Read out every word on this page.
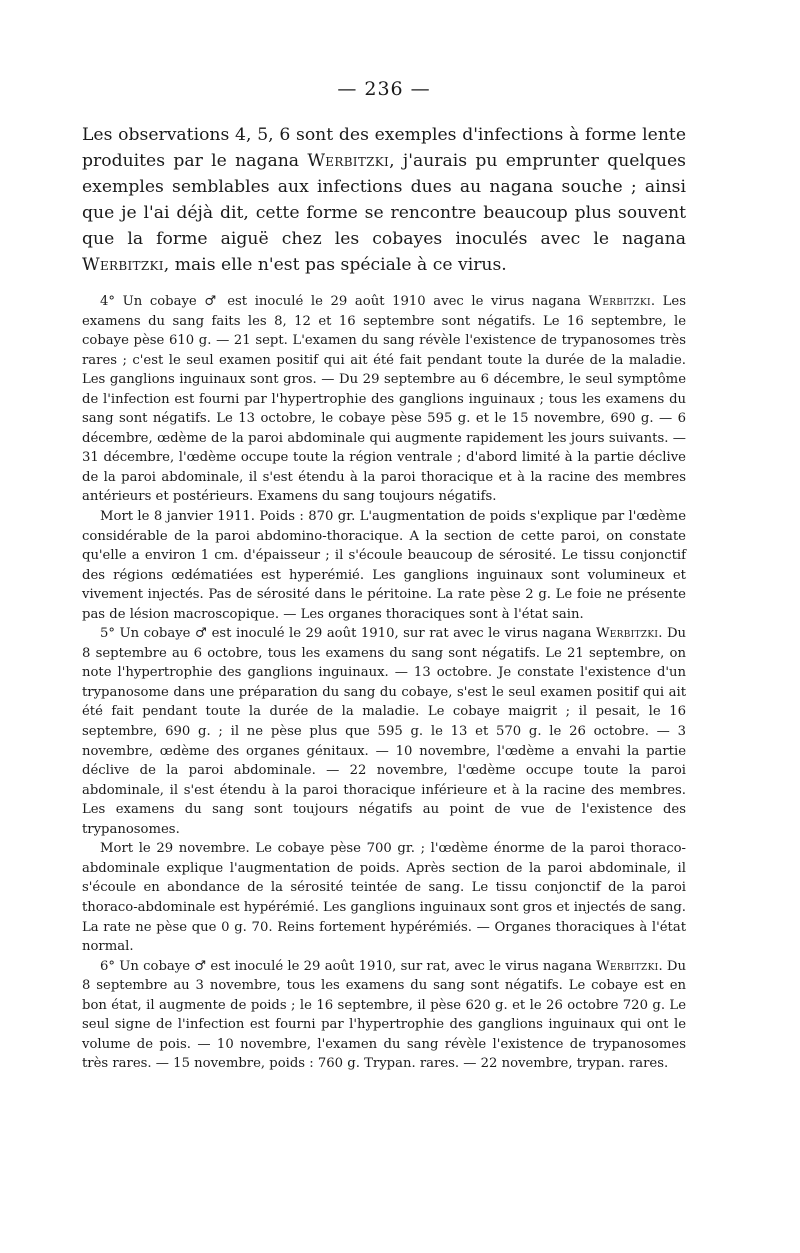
— 236 —

Les observations 4, 5, 6 sont des exemples d'infections à forme lente produites par le nagana Werbitzki, j'aurais pu emprunter quelques exemples semblables aux infections dues au nagana souche ; ainsi que je l'ai déjà dit, cette forme se rencontre beaucoup plus souvent que la forme aiguë chez les cobayes inoculés avec le nagana Werbitzki, mais elle n'est pas spéciale à ce virus.

4° Un cobaye ♂ est inoculé le 29 août 1910 avec le virus nagana Werbitzki. Les examens du sang faits les 8, 12 et 16 septembre sont négatifs. Le 16 septembre, le cobaye pèse 610 g. — 21 sept. L'examen du sang révèle l'existence de trypanosomes très rares ; c'est le seul examen positif qui ait été fait pendant toute la durée de la maladie. Les ganglions inguinaux sont gros. — Du 29 septembre au 6 décembre, le seul symptôme de l'infection est fourni par l'hypertrophie des ganglions inguinaux ; tous les examens du sang sont négatifs. Le 13 octobre, le cobaye pèse 595 g. et le 15 novembre, 690 g. — 6 décembre, œdème de la paroi abdominale qui augmente rapidement les jours suivants. — 31 décembre, l'œdème occupe toute la région ventrale ; d'abord limité à la partie déclive de la paroi abdominale, il s'est étendu à la paroi thoracique et à la racine des membres antérieurs et postérieurs. Examens du sang toujours négatifs.

Mort le 8 janvier 1911. Poids : 870 gr. L'augmentation de poids s'explique par l'œdème considérable de la paroi abdomino-thoracique. A la section de cette paroi, on constate qu'elle a environ 1 cm. d'épaisseur ; il s'écoule beaucoup de sérosité. Le tissu conjonctif des régions œdématiées est hyperémié. Les ganglions inguinaux sont volumineux et vivement injectés. Pas de sérosité dans le péritoine. La rate pèse 2 g. Le foie ne présente pas de lésion macroscopique. — Les organes thoraciques sont à l'état sain.

5° Un cobaye ♂ est inoculé le 29 août 1910, sur rat avec le virus nagana Werbitzki. Du 8 septembre au 6 octobre, tous les examens du sang sont négatifs. Le 21 septembre, on note l'hypertrophie des ganglions inguinaux. — 13 octobre. Je constate l'existence d'un trypanosome dans une préparation du sang du cobaye, s'est le seul examen positif qui ait été fait pendant toute la durée de la maladie. Le cobaye maigrit ; il pesait, le 16 septembre, 690 g. ; il ne pèse plus que 595 g. le 13 et 570 g. le 26 octobre. — 3 novembre, œdème des organes génitaux. — 10 novembre, l'œdème a envahi la partie déclive de la paroi abdominale. — 22 novembre, l'œdème occupe toute la paroi abdominale, il s'est étendu à la paroi thoracique inférieure et à la racine des membres. Les examens du sang sont toujours négatifs au point de vue de l'existence des trypanosomes.

Mort le 29 novembre. Le cobaye pèse 700 gr. ; l'œdème énorme de la paroi thoraco-abdominale explique l'augmentation de poids. Après section de la paroi abdominale, il s'écoule en abondance de la sérosité teintée de sang. Le tissu conjonctif de la paroi thoraco-abdominale est hypérémié. Les ganglions inguinaux sont gros et injectés de sang. La rate ne pèse que 0 g. 70. Reins fortement hypérémiés. — Organes thoraciques à l'état normal.

6° Un cobaye ♂ est inoculé le 29 août 1910, sur rat, avec le virus nagana Werbitzki. Du 8 septembre au 3 novembre, tous les examens du sang sont négatifs. Le cobaye est en bon état, il augmente de poids ; le 16 septembre, il pèse 620 g. et le 26 octobre 720 g. Le seul signe de l'infection est fourni par l'hypertrophie des ganglions inguinaux qui ont le volume de pois. — 10 novembre, l'examen du sang révèle l'existence de trypanosomes très rares. — 15 novembre, poids : 760 g. Trypan. rares. — 22 novembre, trypan. rares.
